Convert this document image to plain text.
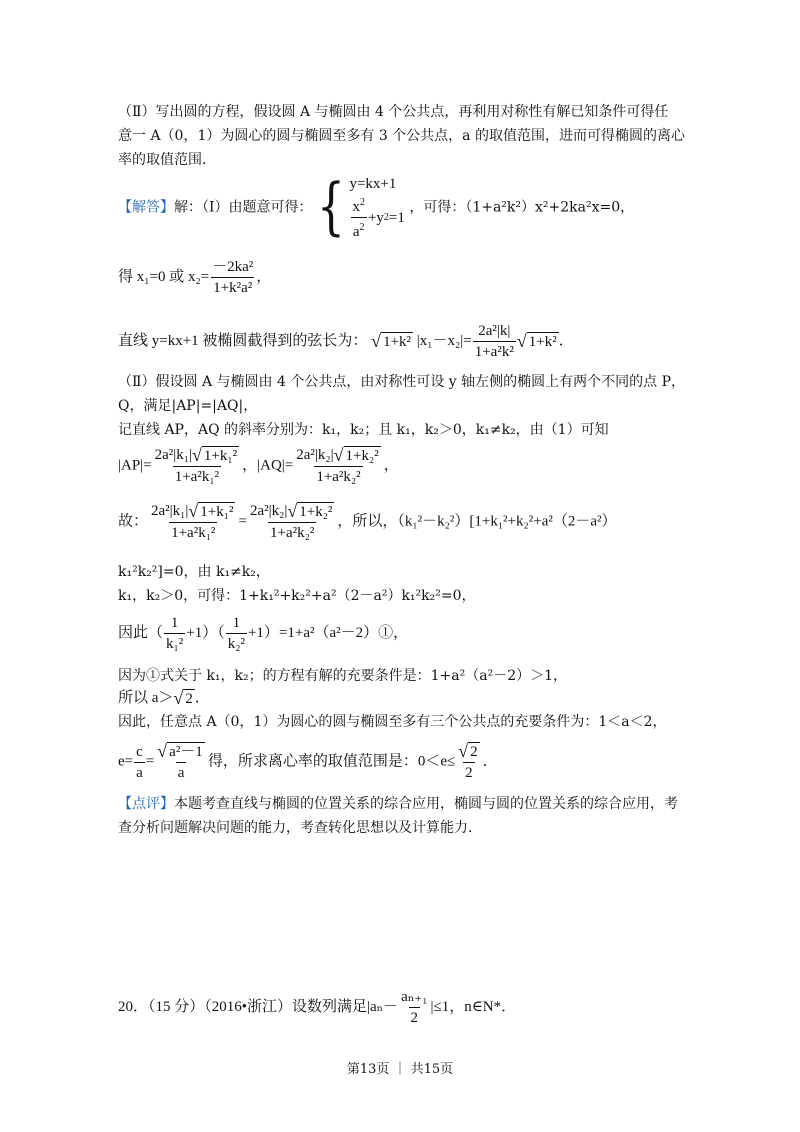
（Ⅱ）写出圆的方程，假设圆 A 与椭圆由 4 个公共点，再利用对称性有解已知条件可得任
意一 A（0，1）为圆心的圆与椭圆至多有 3 个公共点，a 的取值范围，进而可得椭圆的离心
率的取值范围．
【解答】解：（Ⅰ）由题意可得： { y=kx+1
$\frac{x^2}{a^2} +y$ 2 =1
，可得：（1+a²k²）x²+2ka²x=0，
得 x₁=0 或 $x_2= \frac{\text{－2ka²}}{\text{1+k²a²}}$ ，
直线 y=kx+1 被椭圆截得到的弦长为： √ 1+k² $|x_1-x_2|= \frac{\text{2a²|k|}}{\text{1+a²k²}}$ √ 1+k² ．
（Ⅱ）假设圆 A 与椭圆由 4 个公共点，由对称性可设 y 轴左侧的椭圆上有两个不同的点 P，
Q，满足|AP|=|AQ|，
记直线 AP，AQ 的斜率分别为：k₁，k₂；且 k₁，k₂＞0，k₁≠k₂，由（1）可知
$|AP|= \frac{\text{2a²|k₁| √ 1+k₁²}}{\text{1+a²k₁²}}$ ，$|AQ|= \frac{\text{2a²|k₂| √ 1+k₂²}}{\text{1+a²k₂²}}$ ，
故： $\frac{\text{2a²|k₁| √ 1+k₁²}}{\text{1+a²k₁²}} = \frac{\text{2a²|k₂| √ 1+k₂²}}{\text{1+a²k₂²}}$ ，所以，（k₁²－k₂²）[1+k₁²+k₂²+a²（2－a²）
k₁²k₂²]=0，由 k₁≠k₂，
k₁，k₂＞0，可得：1+k₁²+k₂²+a²（2－a²）k₁²k₂²=0，
因此（ $\frac{1}{\text{k₁²}} +1)( \frac{1}{\text{k₂²}}$ +1）=1+a²（a²－2）①，
因为①式关于 k₁，k₂；的方程有解的充要条件是：1+a²（a²－2）＞1，
所以 a＞ √ 2 ．
因此，任意点 A（0，1）为圆心的圆与椭圆至多有三个公共点的充要条件为：1＜a＜2，
$e= \frac{c}{a} = \frac{\text{√ a²－1}}{a}$ 得，所求离心率的取值范围是：$0<e\le \frac{√ 2}{2}$ ．
【点评】本题考查直线与椭圆的位置关系的综合应用，椭圆与圆的位置关系的综合应用，考
查分析问题解决问题的能力，考查转化思想以及计算能力．
20．（15 分）（2016•浙江）设数列满足$|a_n- \frac{\text{aₙ₊₁}}{2} |\le 1$，n∈N*．
第13页 ｜ 共15页
